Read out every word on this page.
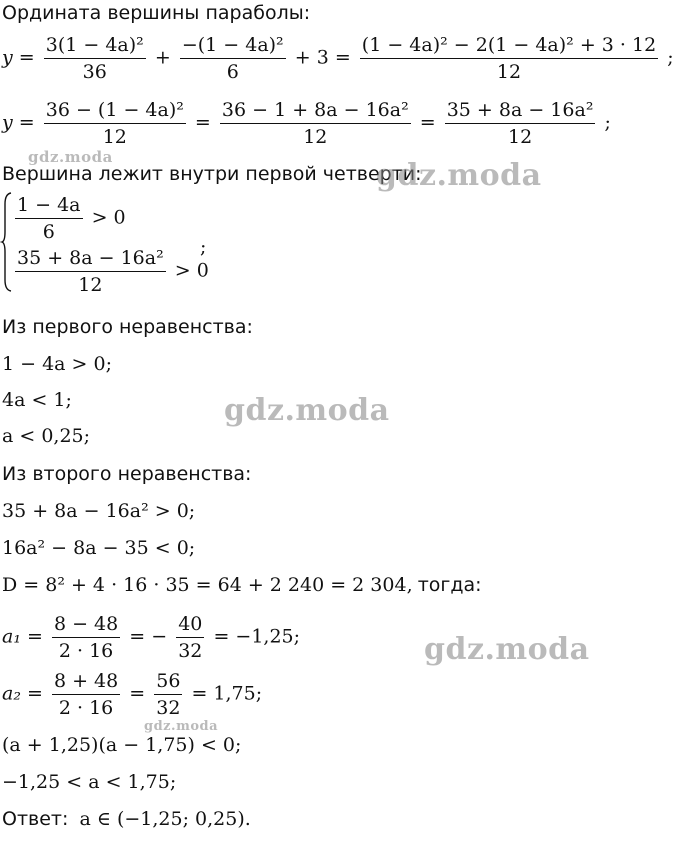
Ордината вершины параболы:
$y = \frac{\text{3(1 − 4a)²}}{36} + \frac{\text{−(1 − 4a)²}}{6} + 3 = \frac{\text{(1 − 4a)² − 2(1 − 4a)² + 3 · 12}}{12}$ ;
$y = \frac{\text{36 − (1 − 4a)²}}{12} = \frac{\text{36 − 1 + 8a − 16a²}}{12} = \frac{\text{35 + 8a − 16a²}}{12}$ ;
Вершина лежит внутри первой четверти:
$\frac{1 - 4a}{6} > 0$
$\frac{\text{35 + 8a − 16a²}}{12} > 0$
;
Из первого неравенства:
1 − 4a > 0;
4a < 1;
a < 0,25;
Из второго неравенства:
35 + 8a − 16a² > 0;
16a² − 8a − 35 < 0;
D = 8² + 4 · 16 · 35 = 64 + 2 240 = 2 304, тогда:
$a_1 = \frac{8 - 48}{2 \cdot 16}$ = − $\frac{40}{32} = -1,25$;
$a_2 = \frac{8 + 48}{2 \cdot 16} = \frac{56}{32} = 1,75$;
(a + 1,25)(a − 1,75) < 0;
−1,25 < a < 1,75;
Ответ: a ∈ (−1,25; 0,25).
gdz.moda
gdz.moda
gdz.moda
gdz.moda
gdz.moda
